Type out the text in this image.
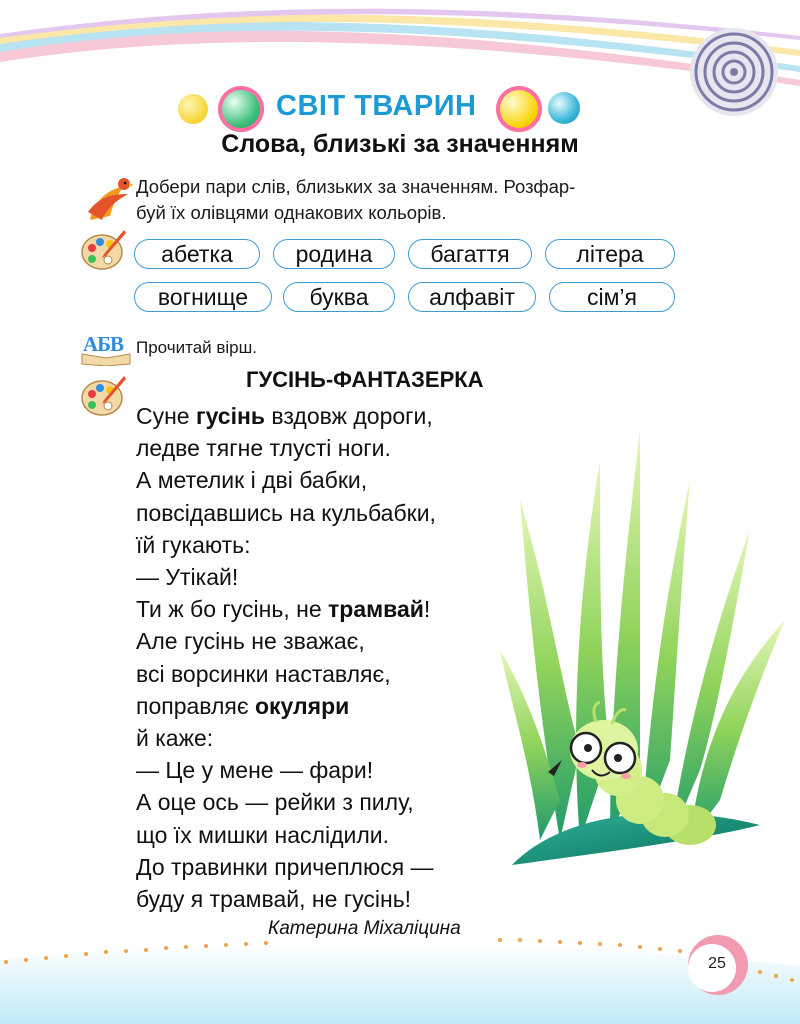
СВІТ ТВАРИН
Слова, близькі за значенням
Добери пари слів, близьких за значенням. Розфар-
буй їх олівцями однакових кольорів.
абетка	родина	багаття	літера
вогнище	буква	алфавіт	сім’я
АБВ Прочитай вірш.
ГУСІНЬ-ФАНТАЗЕРКА
Суне гусінь вздовж дороги,
ледве тягне тлусті ноги.
А метелик і дві бабки,
повсідавшись на кульбабки,
їй гукають:
— Утікай!
Ти ж бо гусінь, не трамвай!
Але гусінь не зважає,
всі ворсинки наставляє,
поправляє окуляри
й каже:
— Це у мене — фари!
А оце ось — рейки з пилу,
що їх мишки наслідили.
До травинки причеплюся —
буду я трамвай, не гусінь!
Катерина Міхаліцина
25
